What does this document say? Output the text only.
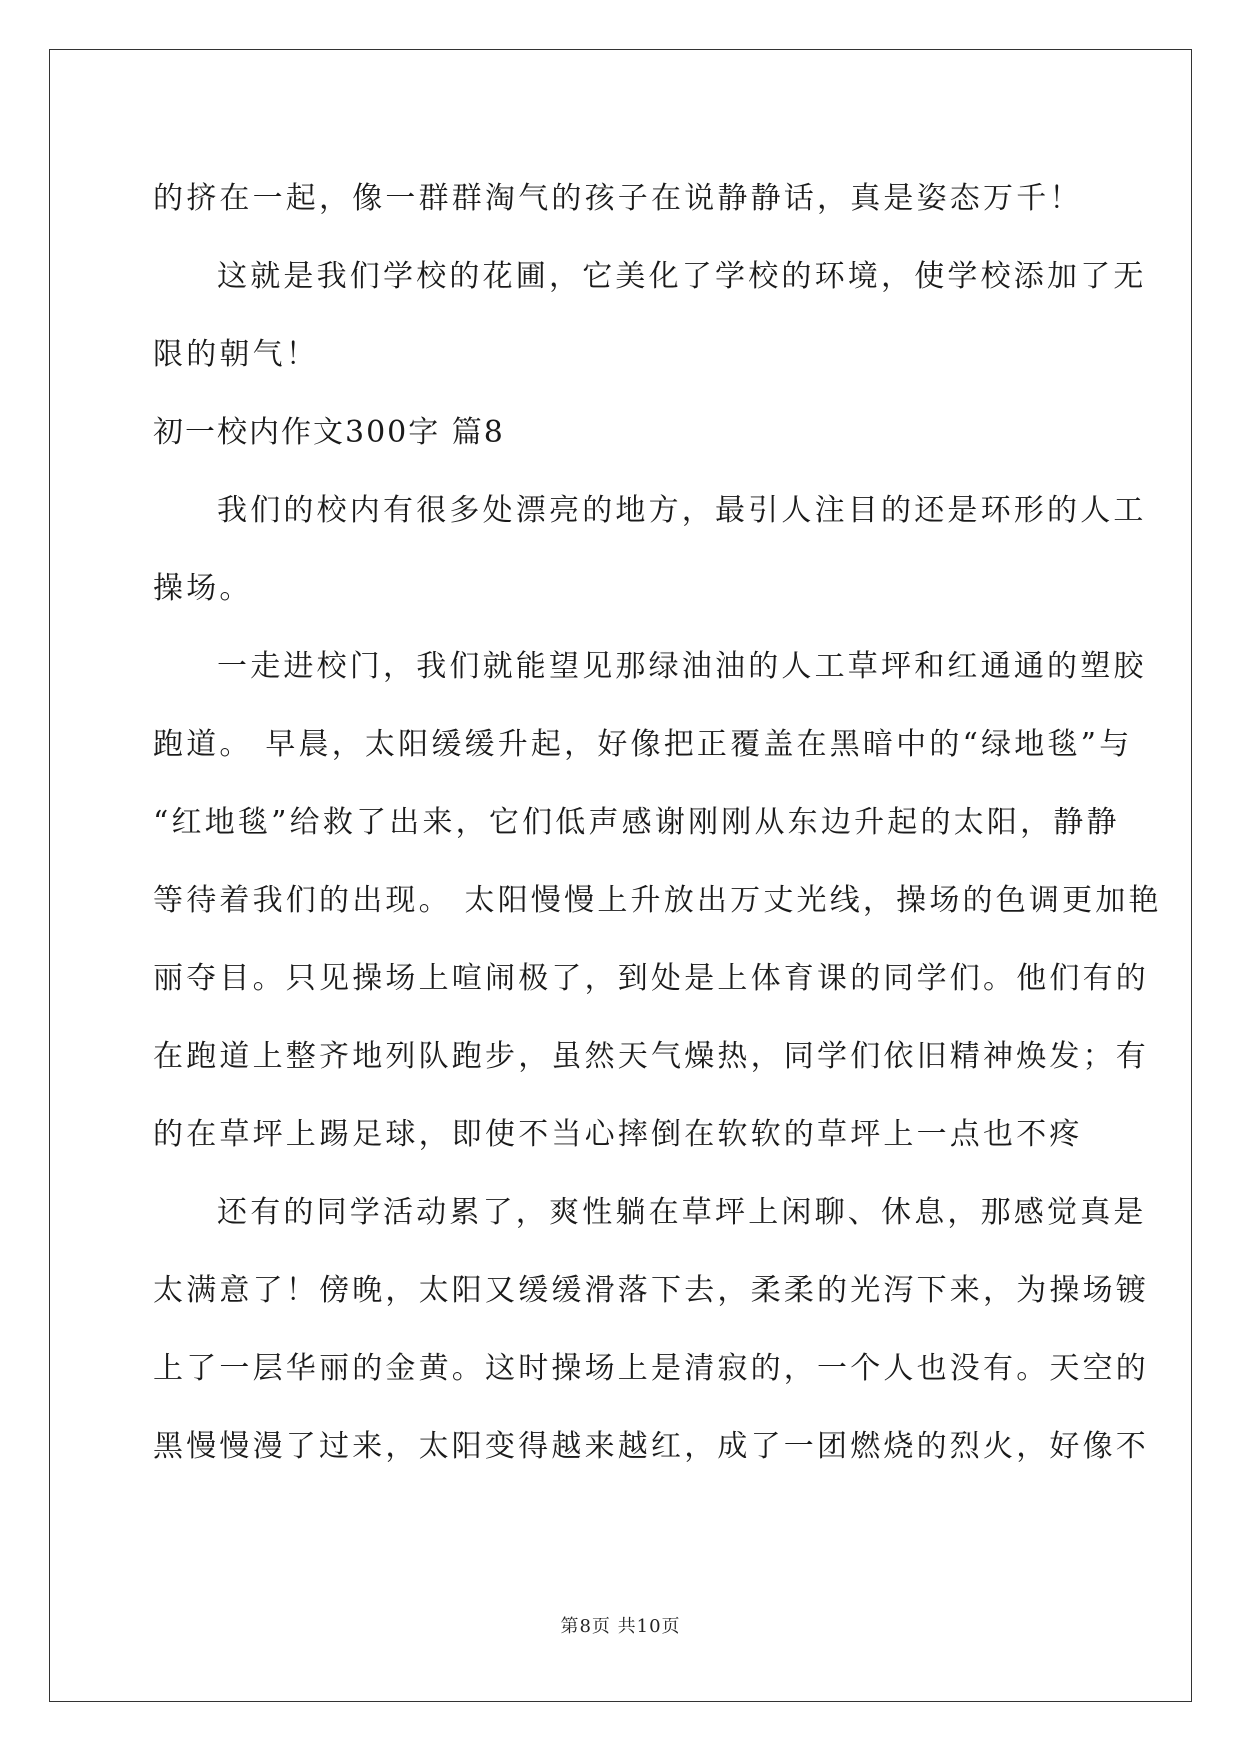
的挤在一起，像一群群淘气的孩子在说静静话，真是姿态万千！
这就是我们学校的花圃，它美化了学校的环境，使学校添加了无
限的朝气！
初一校内作文300字 篇8
我们的校内有很多处漂亮的地方，最引人注目的还是环形的人工
操场。
一走进校门，我们就能望见那绿油油的人工草坪和红通通的塑胶
跑道。 早晨，太阳缓缓升起，好像把正覆盖在黑暗中的“绿地毯”与
“红地毯”给救了出来，它们低声感谢刚刚从东边升起的太阳，静静
等待着我们的出现。 太阳慢慢上升放出万丈光线，操场的色调更加艳
丽夺目。只见操场上喧闹极了，到处是上体育课的同学们。他们有的
在跑道上整齐地列队跑步，虽然天气燥热，同学们依旧精神焕发；有
的在草坪上踢足球，即使不当心摔倒在软软的草坪上一点也不疼
还有的同学活动累了，爽性躺在草坪上闲聊、休息，那感觉真是
太满意了！傍晚，太阳又缓缓滑落下去，柔柔的光泻下来，为操场镀
上了一层华丽的金黄。这时操场上是清寂的，一个人也没有。天空的
黑慢慢漫了过来，太阳变得越来越红，成了一团燃烧的烈火，好像不
第8页 共10页
